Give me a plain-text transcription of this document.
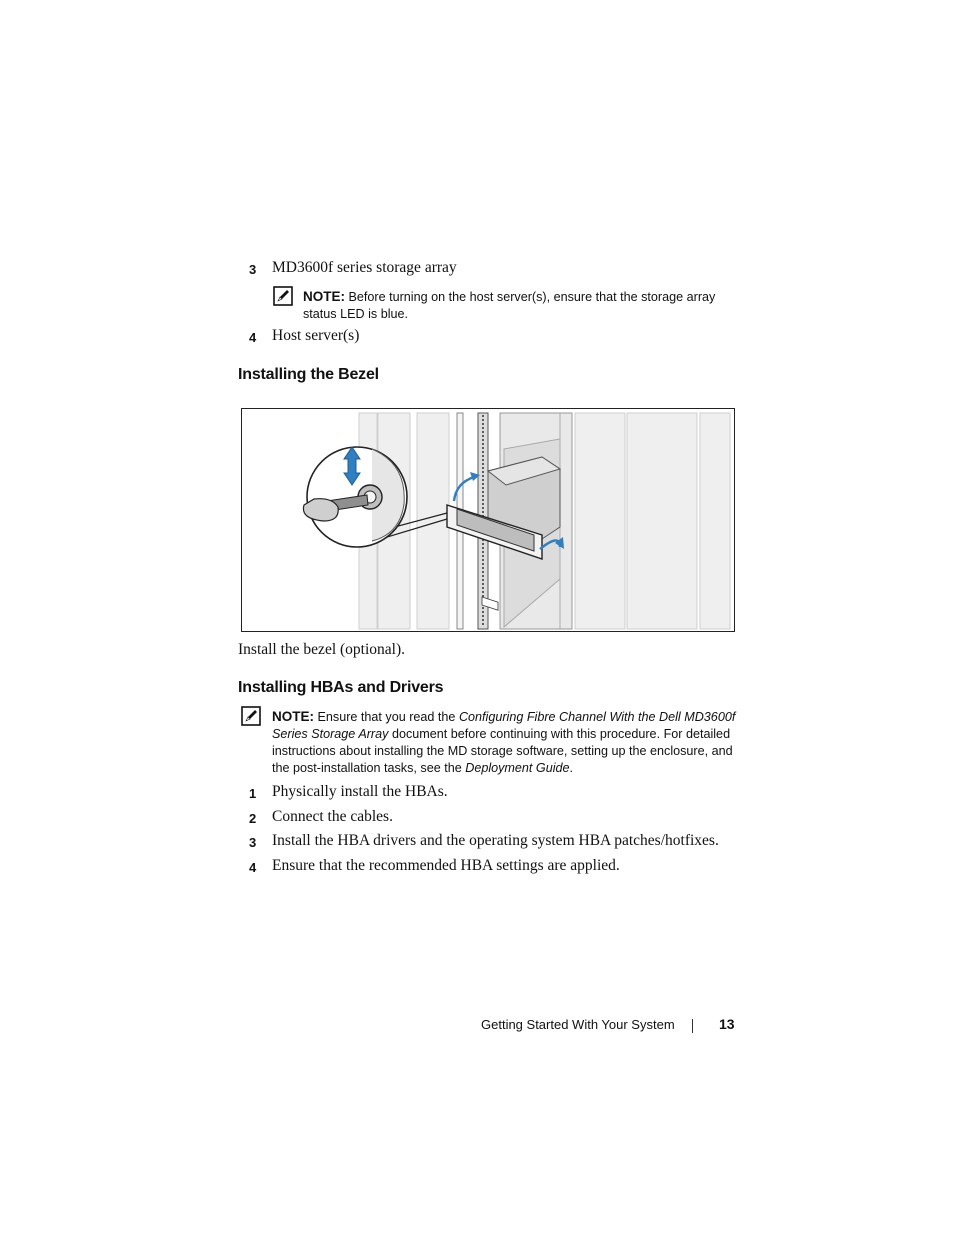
3 MD3600f series storage array
NOTE: Before turning on the host server(s), ensure that the storage array
status LED is blue.
4 Host server(s)
Installing the Bezel
Install the bezel (optional).
Installing HBAs and Drivers
NOTE: Ensure that you read the Configuring Fibre Channel With the Dell MD3600f
Series Storage Array document before continuing with this procedure. For detailed
instructions about installing the MD storage software, setting up the enclosure, and
the post-installation tasks, see the Deployment Guide.
1 Physically install the HBAs.
2 Connect the cables.
3 Install the HBA drivers and the operating system HBA patches/hotfixes.
4 Ensure that the recommended HBA settings are applied.
Getting Started With Your System	13
